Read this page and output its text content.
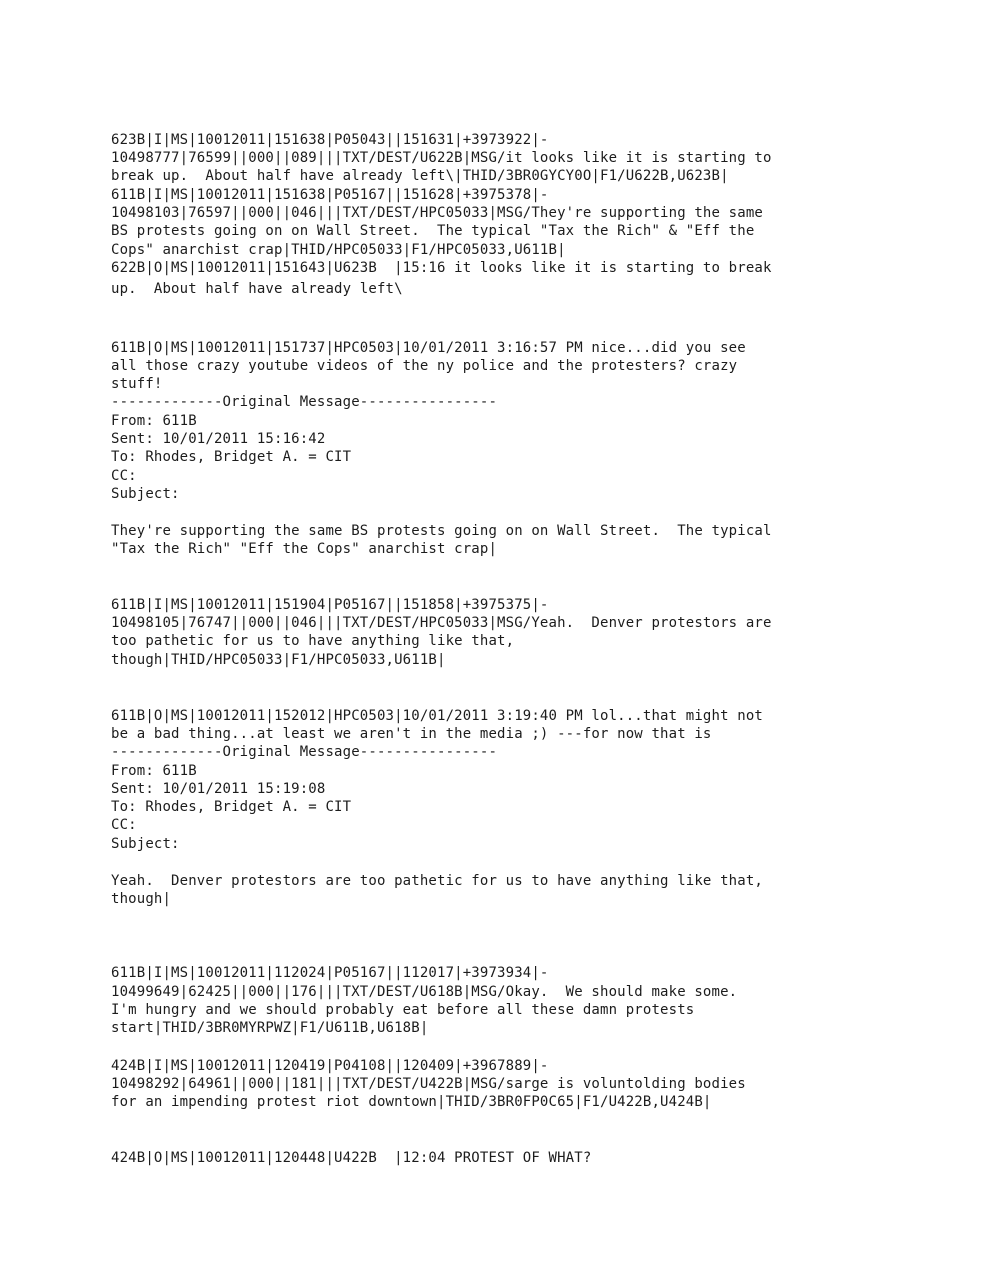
623B|I|MS|10012011|151638|P05043||151631|+3973922|-

10498777|76599||000||089|||TXT/DEST/U622B|MSG/it looks like it is starting to

break up.  About half have already left\|THID/3BR0GYCY0O|F1/U622B,U623B|

611B|I|MS|10012011|151638|P05167||151628|+3975378|-

10498103|76597||000||046|||TXT/DEST/HPC05033|MSG/They're supporting the same

BS protests going on on Wall Street.  The typical "Tax the Rich" & "Eff the

Cops" anarchist crap|THID/HPC05033|F1/HPC05033,U611B|

622B|O|MS|10012011|151643|U623B  |15:16 it looks like it is starting to break

up.  About half have already left\

611B|O|MS|10012011|151737|HPC0503|10/01/2011 3:16:57 PM nice...did you see

all those crazy youtube videos of the ny police and the protesters? crazy

stuff!

-------------Original Message----------------

From: 611B

Sent: 10/01/2011 15:16:42

To: Rhodes, Bridget A. = CIT

CC:

Subject:

They're supporting the same BS protests going on on Wall Street.  The typical

"Tax the Rich" "Eff the Cops" anarchist crap|

611B|I|MS|10012011|151904|P05167||151858|+3975375|-

10498105|76747||000||046|||TXT/DEST/HPC05033|MSG/Yeah.  Denver protestors are

too pathetic for us to have anything like that,

though|THID/HPC05033|F1/HPC05033,U611B|

611B|O|MS|10012011|152012|HPC0503|10/01/2011 3:19:40 PM lol...that might not

be a bad thing...at least we aren't in the media ;) ---for now that is

-------------Original Message----------------

From: 611B

Sent: 10/01/2011 15:19:08

To: Rhodes, Bridget A. = CIT

CC:

Subject:

Yeah.  Denver protestors are too pathetic for us to have anything like that,

though|

611B|I|MS|10012011|112024|P05167||112017|+3973934|-

10499649|62425||000||176|||TXT/DEST/U618B|MSG/Okay.  We should make some.

I'm hungry and we should probably eat before all these damn protests

start|THID/3BR0MYRPWZ|F1/U611B,U618B|

424B|I|MS|10012011|120419|P04108||120409|+3967889|-

10498292|64961||000||181|||TXT/DEST/U422B|MSG/sarge is voluntolding bodies

for an impending protest riot downtown|THID/3BR0FP0C65|F1/U422B,U424B|

424B|O|MS|10012011|120448|U422B  |12:04 PROTEST OF WHAT?
